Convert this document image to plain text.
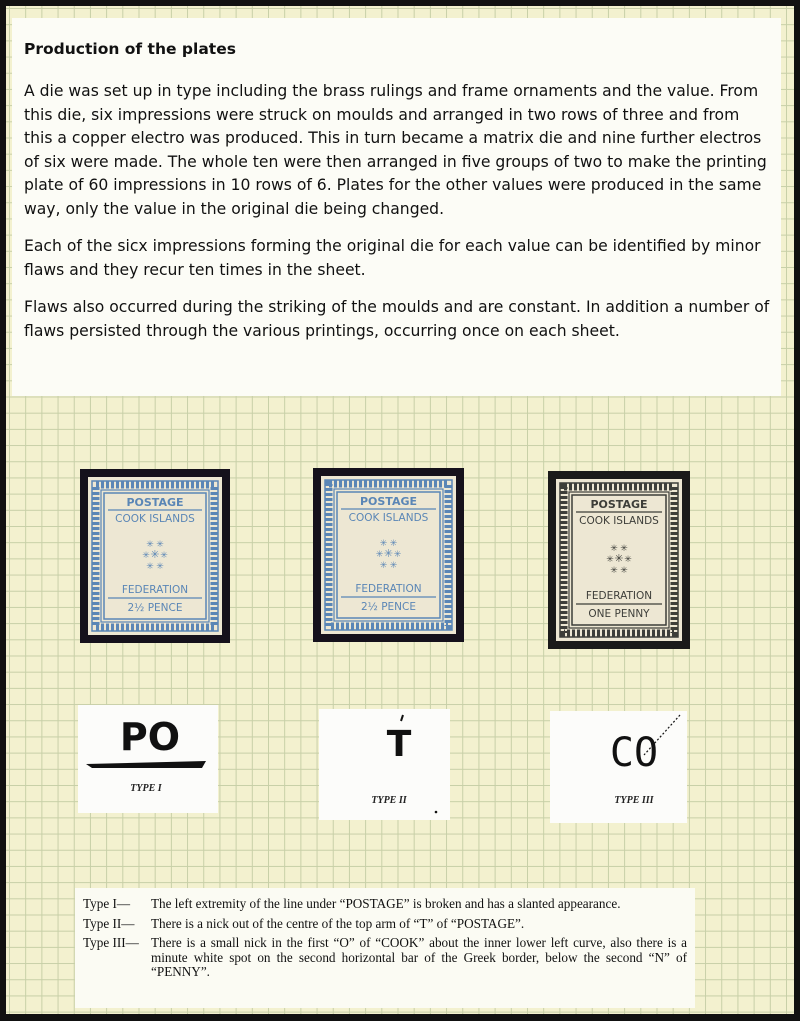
Production of the plates

A die was set up in type including the brass rulings and frame ornaments and the value. From this die, six impressions were struck on moulds and arranged in two rows of three and from this a copper electro was produced. This in turn became a matrix die and nine further electros of six were made. The whole ten were then arranged in five groups of two to make the printing plate of 60 impressions in 10 rows of 6. Plates for the other values were produced in the same way, only the value in the original die being changed.

Each of the sicx impressions forming the original die for each value can be identified by minor flaws and they recur ten times in the sheet.

Flaws also occurred during the striking of the moulds and are constant. In addition a number of flaws persisted through the various printings, occurring once on each sheet.

POSTAGE
COOK ISLANDS
FEDERATION
2½ PENCE
✳ ✳
✳ ✳ ✳
✳ ✳
POSTAGE
COOK ISLANDS
FEDERATION
2½ PENCE
✳ ✳
✳ ✳ ✳
✳ ✳
POSTAGE
COOK ISLANDS
FEDERATION
ONE PENNY
✳ ✳
✳ ✳ ✳
✳ ✳
PO
TYPE I
T
TYPE II
CO
TYPE III
Type I—	The left extremity of the line under “POSTAGE” is broken and has a slanted appearance.
Type II—	There is a nick out of the centre of the top arm of “T” of “POSTAGE”.
Type III— There is a small nick in the first “O” of “COOK” about the inner lower left curve, also there is a minute white spot on the second horizontal bar of the Greek border, below the second “N” of “PENNY”.
